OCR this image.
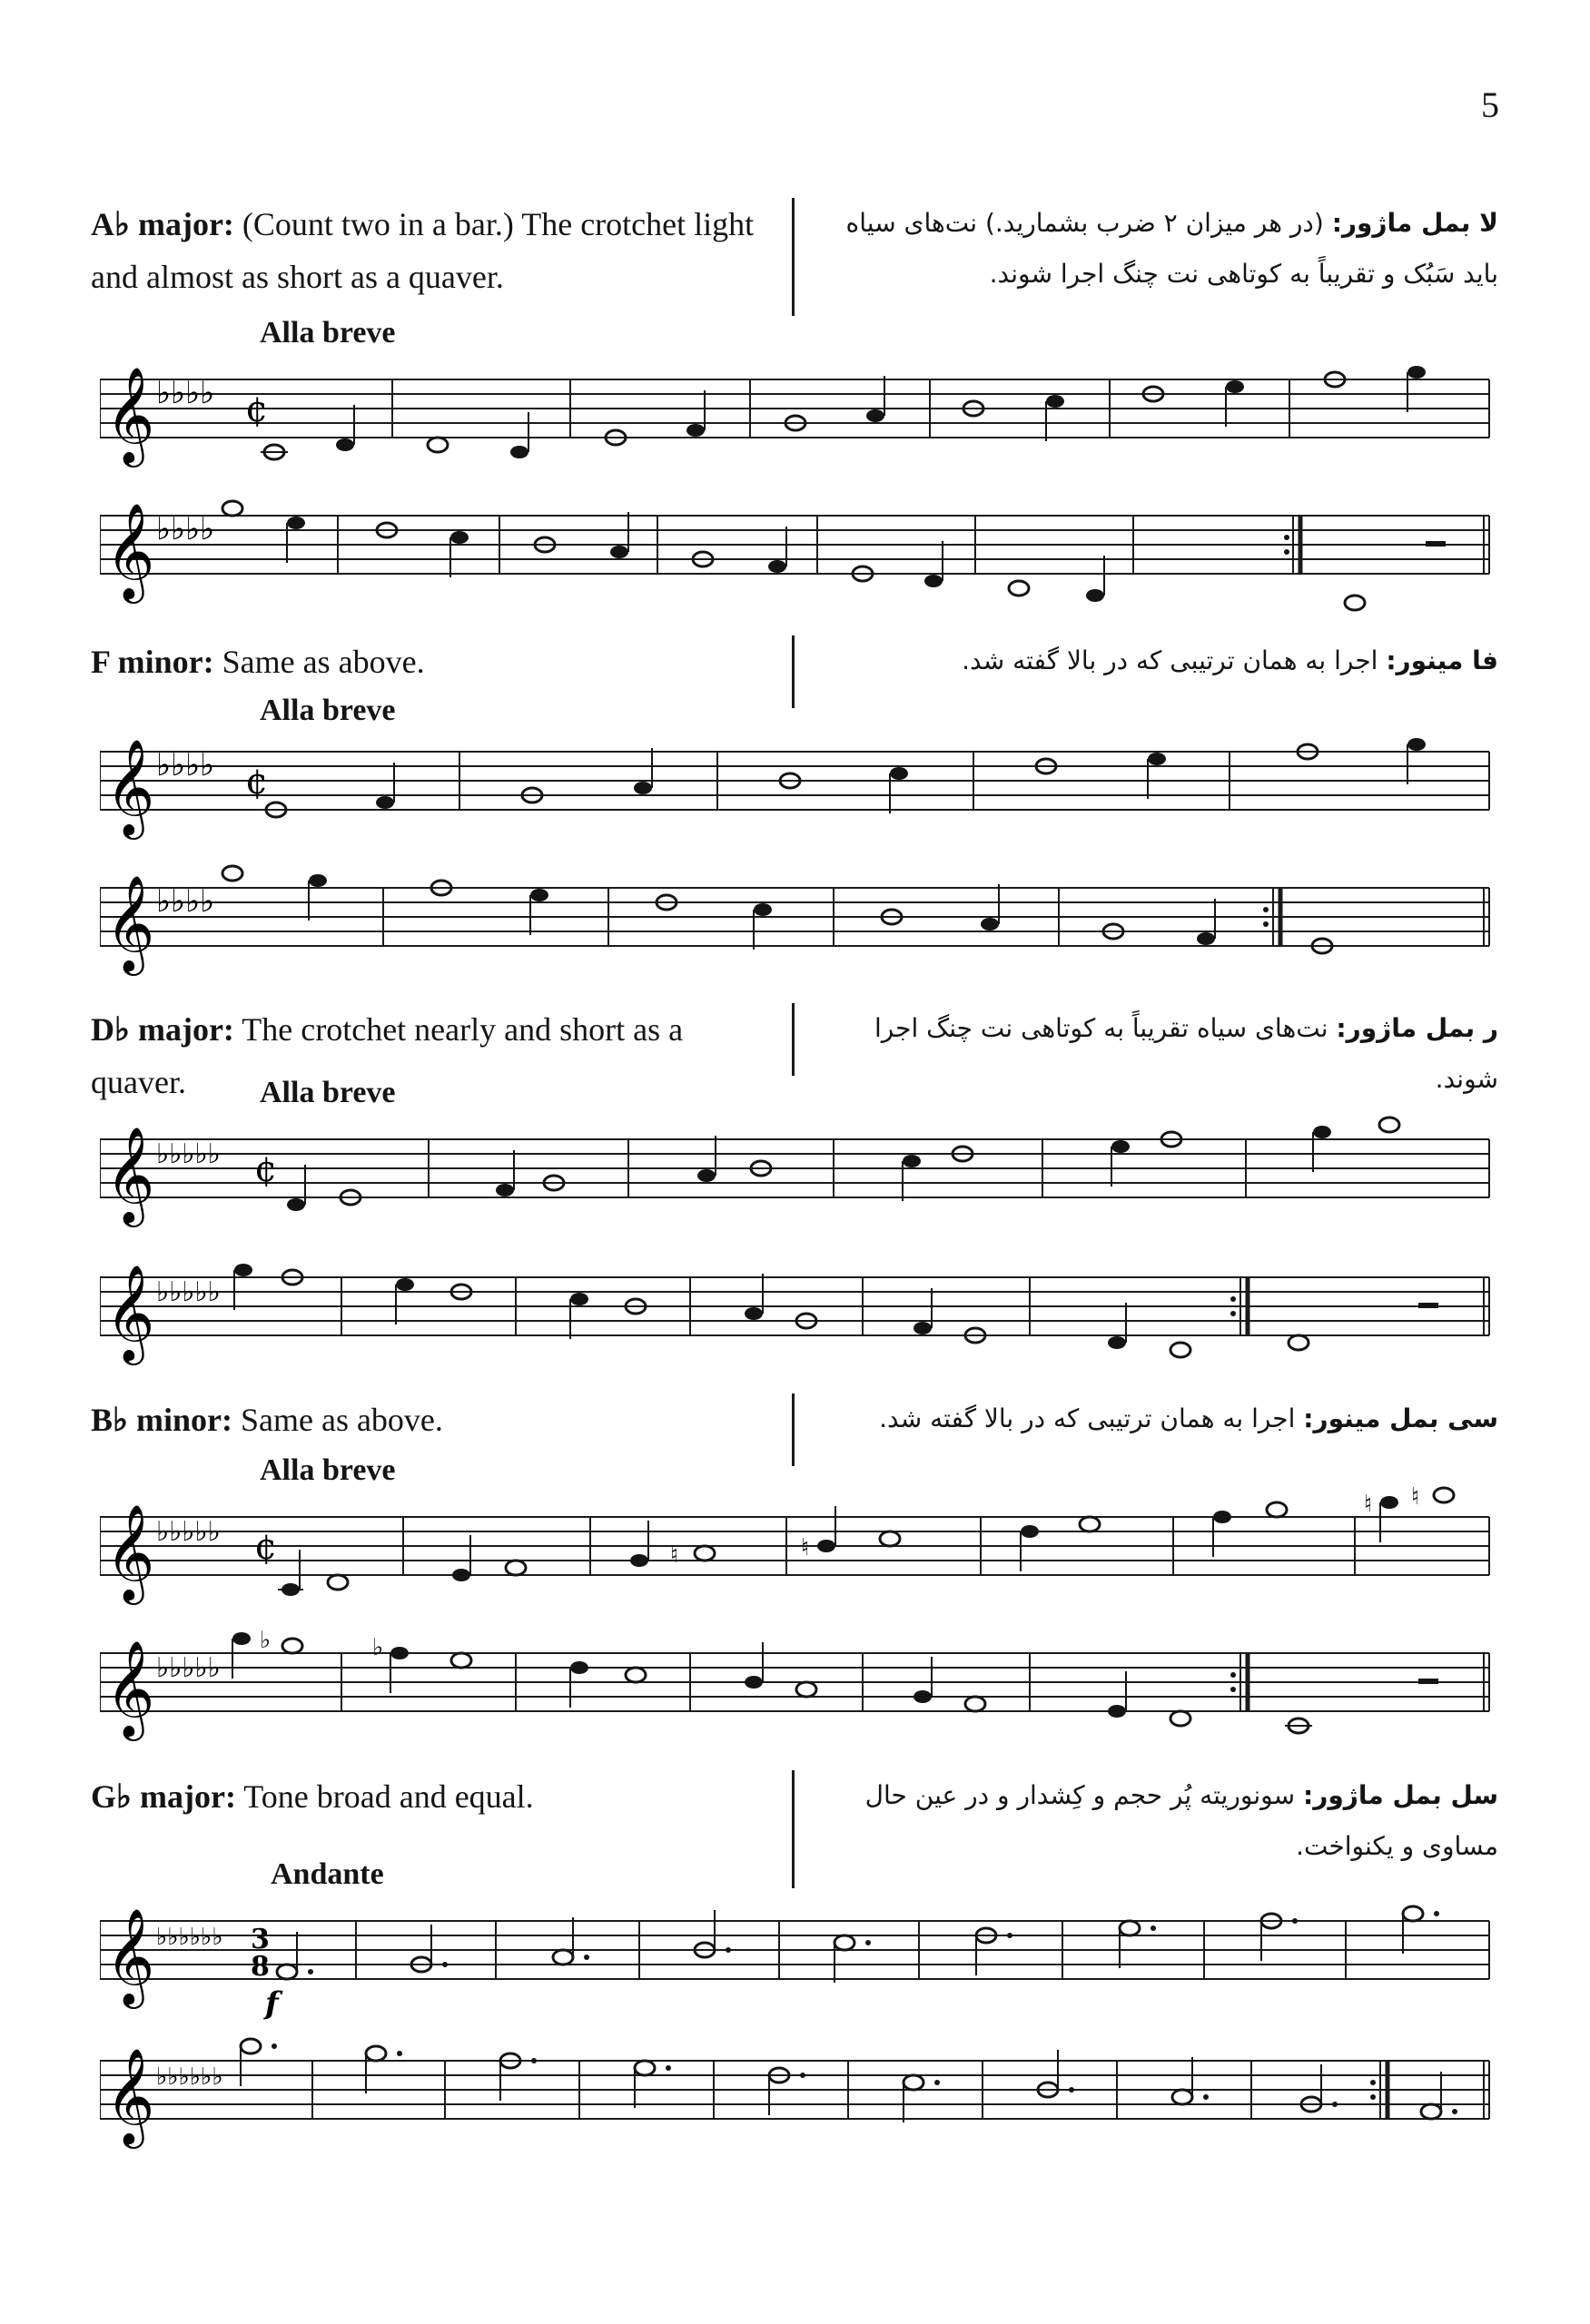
5
A♭ major: (Count two in a bar.) The crotchet light and almost as short as a quaver.
لا بمل ماژور: (در هر میزان ۲ ضرب بشمارید.) نت‌های سیاه باید سَبُک و تقریباً به کوتاهی نت چنگ اجرا شوند.
Alla breve
𝄞 ♭♭♭♭ ¢
𝄞 ♭♭♭♭
F minor: Same as above.	فا مینور: اجرا به همان ترتیبی که در بالا گفته شد.
Alla breve
𝄞 ♭♭♭♭ ¢
𝄞 ♭♭♭♭
D♭ major: The crotchet nearly and short as a quaver.
ر بمل ماژور: نت‌های سیاه تقریباً به کوتاهی نت چنگ اجرا شوند.
Alla breve
𝄞 ♭♭♭♭♭ ¢
𝄞 ♭♭♭♭♭
B♭ minor: Same as above.	سی بمل مینور: اجرا به همان ترتیبی که در بالا گفته شد.
Alla breve
𝄞 ♭♭♭♭♭ ¢	♮	♮
♮ ♮
𝄞 ♭♭♭♭♭
♭	♭
G♭ major: Tone broad and equal.	سل بمل ماژور: سونوریته پُر حجم و کِشدار و در عین حال مساوی و یکنواخت.
Andante
𝄞 ♭♭♭♭♭♭ 3
8
f
𝄞 ♭♭♭♭♭♭
